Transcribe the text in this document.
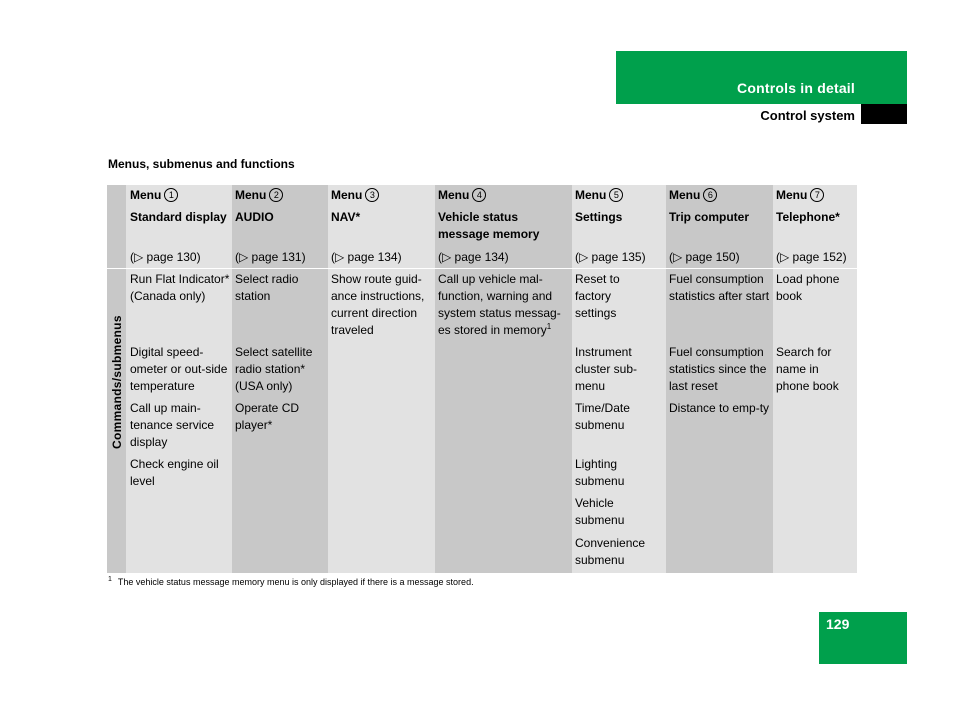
Controls in detail
Control system
Menus, submenus and functions
Commands/submenus
Menu 1
Standard display
(▷ page 130)
Run Flat Indicator* (Canada only)
Digital speed-ometer or out-side temperature
Call up main-tenance service display
Check engine oil level
Menu 2
AUDIO
(▷ page 131)
Select radio station
Select satellite radio station* (USA only)
Operate CD player*
Menu 3
NAV*
(▷ page 134)
Show route guid-ance instructions, current direction traveled
Menu 4
Vehicle status message memory
(▷ page 134)
Call up vehicle mal-function, warning and system status messag-es stored in memory$^1$
Menu 5
Settings
(▷ page 135)
Reset to factory settings
Instrument cluster sub-menu
Time/Date submenu
Lighting submenu
Vehicle submenu
Convenience submenu
Menu 6
Trip computer
(▷ page 150)
Fuel consumption statistics after start
Fuel consumption statistics since the last reset
Distance to emp-ty
Menu 7
Telephone*
(▷ page 152)
Load phone book
Search for name in phone book
$^1$ The vehicle status message memory menu is only displayed if there is a message stored.
129
